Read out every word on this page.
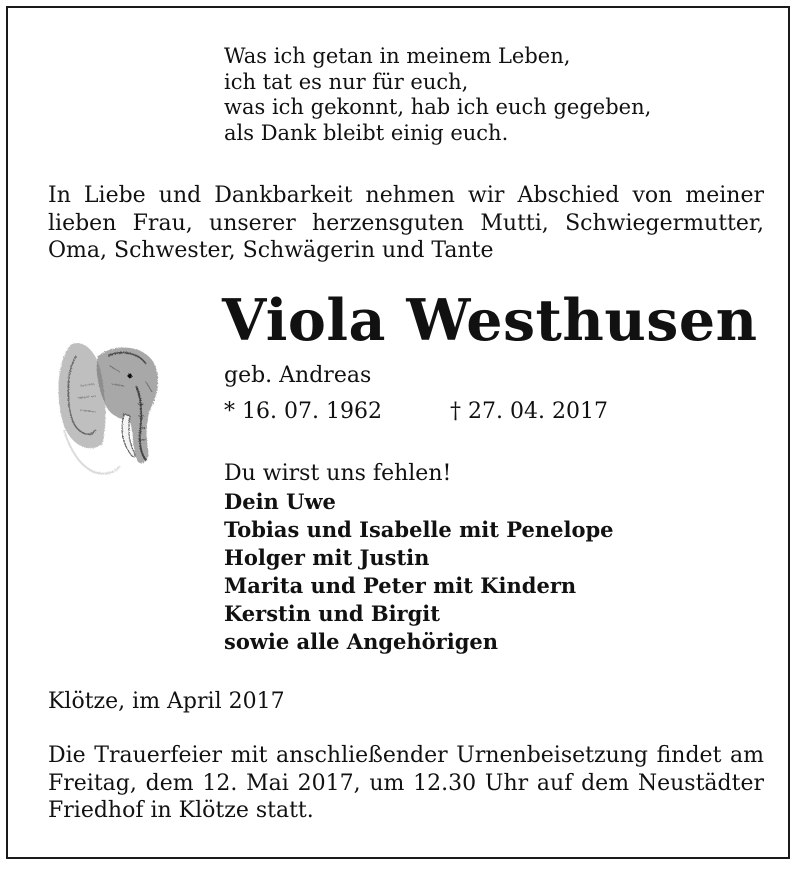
Was ich getan in meinem Leben,
ich tat es nur für euch,
was ich gekonnt, hab ich euch gegeben,
als Dank bleibt einig euch.
In Liebe und Dankbarkeit nehmen wir Abschied von meiner
lieben Frau, unserer herzensguten Mutti, Schwiegermutter,
Oma, Schwester, Schwägerin und Tante
Viola Westhusen
geb. Andreas
* 16. 07. 1962	† 27. 04. 2017
Du wirst uns fehlen!
Dein Uwe
Tobias und Isabelle mit Penelope
Holger mit Justin
Marita und Peter mit Kindern
Kerstin und Birgit
sowie alle Angehörigen
Klötze, im April 2017
Die Trauerfeier mit anschließender Urnenbeisetzung findet am
Freitag, dem 12. Mai 2017, um 12.30 Uhr auf dem Neustädter
Friedhof in Klötze statt.
